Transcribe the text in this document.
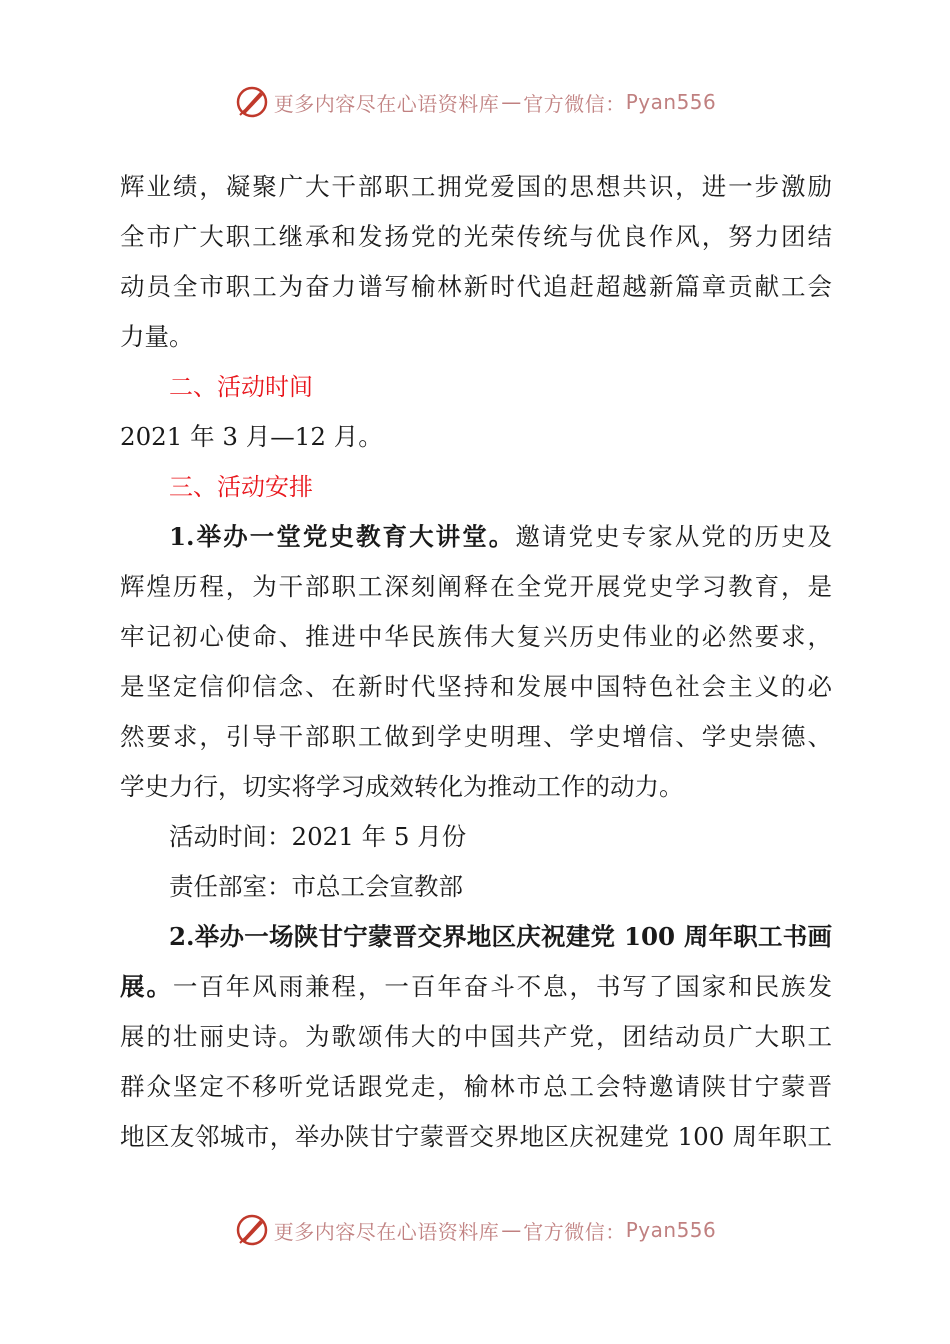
更多内容尽在心语资料库 — 官方微信： Pyan556
辉业绩，凝聚广大干部职工拥党爱国的思想共识，进一步激励
全市广大职工继承和发扬党的光荣传统与优良作风，努力团结
动员全市职工为奋力谱写榆林新时代追赶超越新篇章贡献工会
力量。
二、活动时间
2021 年 3 月—12 月。
三、活动安排
1.举办一堂党史教育大讲堂。邀请党史专家从党的历史及
辉煌历程，为干部职工深刻阐释在全党开展党史学习教育，是
牢记初心使命、推进中华民族伟大复兴历史伟业的必然要求，
是坚定信仰信念、在新时代坚持和发展中国特色社会主义的必
然要求，引导干部职工做到学史明理、学史增信、学史崇德、
学史力行，切实将学习成效转化为推动工作的动力。
活动时间：2021 年 5 月份
责任部室：市总工会宣教部
2.举办一场陕甘宁蒙晋交界地区庆祝建党 100 周年职工书画
展。一百年风雨兼程，一百年奋斗不息，书写了国家和民族发
展的壮丽史诗。为歌颂伟大的中国共产党，团结动员广大职工
群众坚定不移听党话跟党走，榆林市总工会特邀请陕甘宁蒙晋
地区友邻城市，举办陕甘宁蒙晋交界地区庆祝建党 100 周年职工
更多内容尽在心语资料库 — 官方微信： Pyan556
